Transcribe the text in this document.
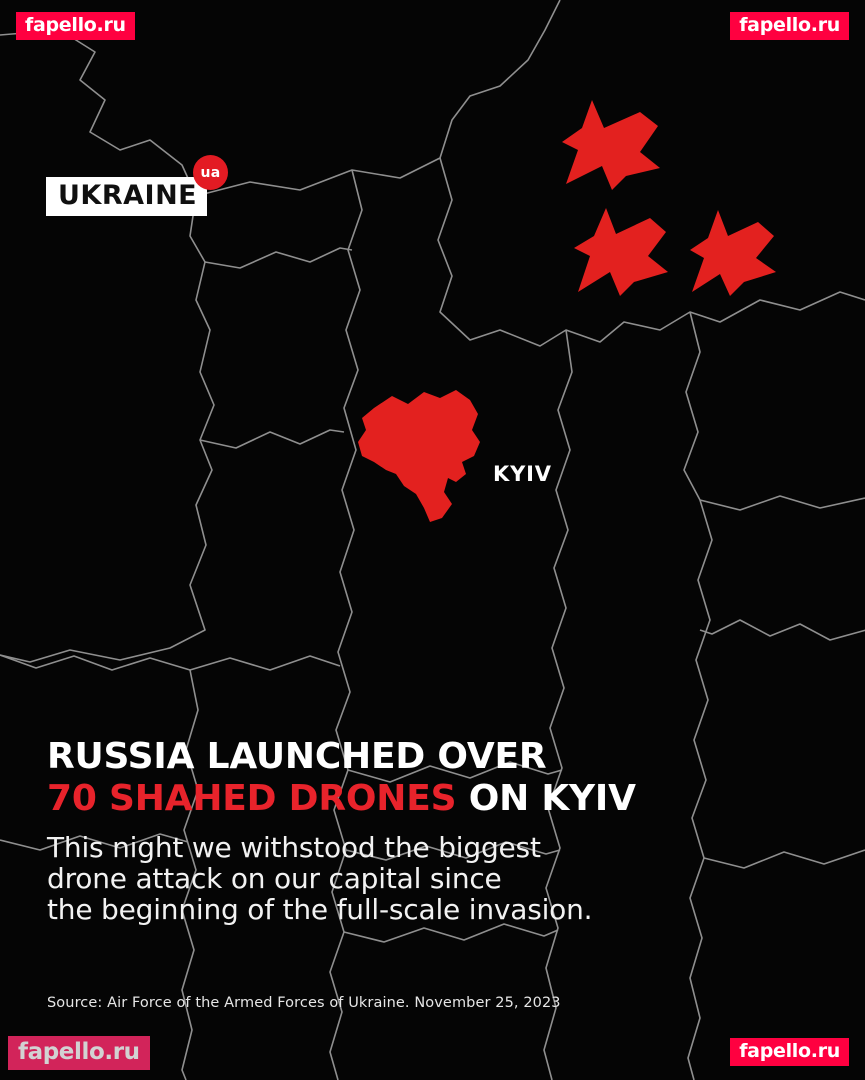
fapello.ru	fapello.ru
fapello.ru
fapello.ru
UKRAINE
ua
KYIV
RUSSIA LAUNCHED OVER
70 SHAHED DRONES ON KYIV
This night we withstood the biggest
drone attack on our capital since
the beginning of the full-scale invasion.
Source: Air Force of the Armed Forces of Ukraine. November 25, 2023
